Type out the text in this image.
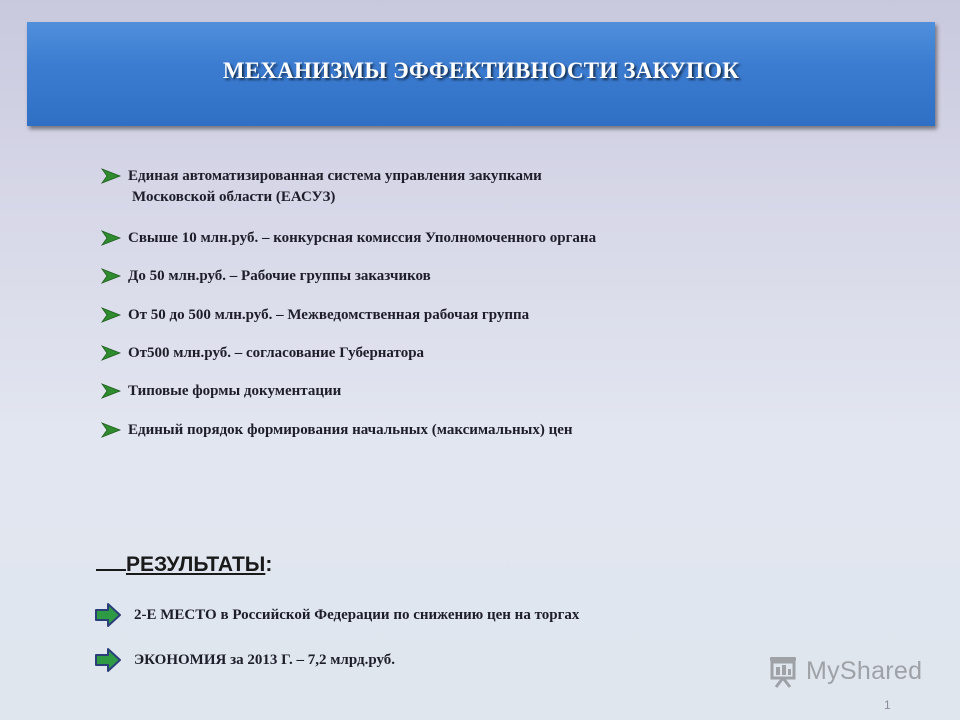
МЕХАНИЗМЫ ЭФФЕКТИВНОСТИ ЗАКУПОК
Единая автоматизированная система управления закупками
Московской области (ЕАСУЗ)
Свыше 10 млн.руб. – конкурсная комиссия Уполномоченного органа
До 50 млн.руб. – Рабочие группы заказчиков
От 50 до 500 млн.руб. – Межведомственная рабочая группа
От500 млн.руб. – согласование Губернатора
Типовые формы документации
Единый порядок формирования начальных (максимальных) цен
РЕЗУЛЬТАТЫ:
2-Е МЕСТО в Российской Федерации по снижению цен на торгах
ЭКОНОМИЯ за 2013 Г. – 7,2 млрд.руб.	MyShared
1
